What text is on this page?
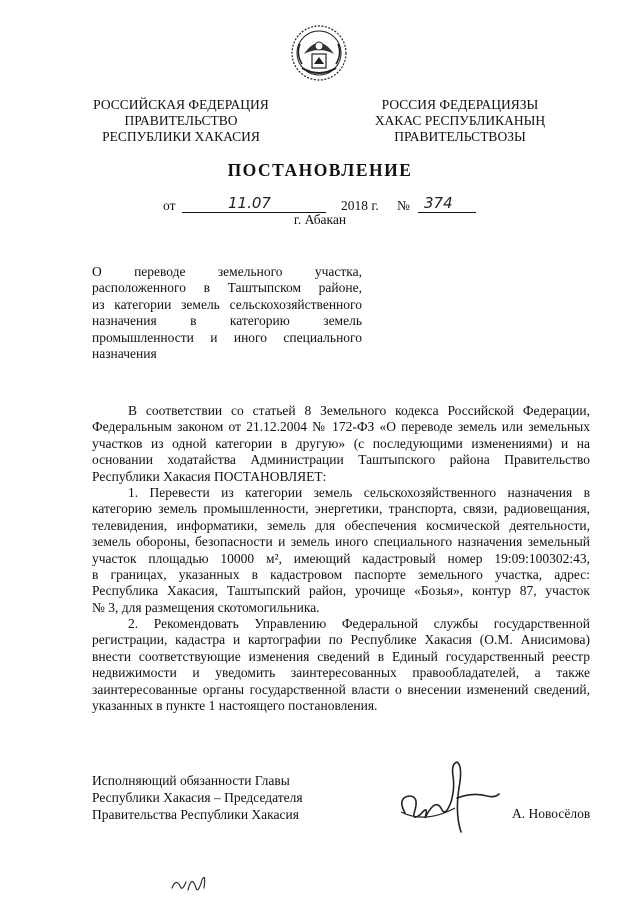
РОССИЙСКАЯ ФЕДЕРАЦИЯ
ПРАВИТЕЛЬСТВО
РЕСПУБЛИКИ ХАКАСИЯ
РОССИЯ ФЕДЕРАЦИЯЗЫ
ХАКАС РЕСПУБЛИКАНЫҢ
ПРАВИТЕЛЬСТВОЗЫ
ПОСТАНОВЛЕНИЕ
от	11.07	2018 г. № 374
г. Абакан
О переводе земельного участка,
расположенного в Таштыпском районе,
из категории земель сельскохозяйственного
назначения в категорию земель
промышленности и иного специального
назначения
В соответствии со статьей 8 Земельного кодекса Российской Федерации,
Федеральным законом от 21.12.2004 № 172-ФЗ «О переводе земель или земельных
участков из одной категории в другую» (с последующими изменениями) и на
основании ходатайства Администрации Таштыпского района Правительство
Республики Хакасия ПОСТАНОВЛЯЕТ:
1. Перевести из категории земель сельскохозяйственного назначения в
категорию земель промышленности, энергетики, транспорта, связи, радиовещания,
телевидения, информатики, земель для обеспечения космической деятельности,
земель обороны, безопасности и земель иного специального назначения земельный
участок площадью 10000 м², имеющий кадастровый номер 19:09:100302:43,
в границах, указанных в кадастровом паспорте земельного участка, адрес:
Республика Хакасия, Таштыпский район, урочище «Бозья», контур 87, участок
№ 3, для размещения скотомогильника.
2. Рекомендовать Управлению Федеральной службы государственной
регистрации, кадастра и картографии по Республике Хакасия (О.М. Анисимова)
внести соответствующие изменения сведений в Единый государственный реестр
недвижимости и уведомить заинтересованных правообладателей, а также
заинтересованные органы государственной власти о внесении изменений сведений,
указанных в пункте 1 настоящего постановления.
Исполняющий обязанности Главы
Республики Хакасия – Председателя
Правительства Республики Хакасия	А. Новосёлов
